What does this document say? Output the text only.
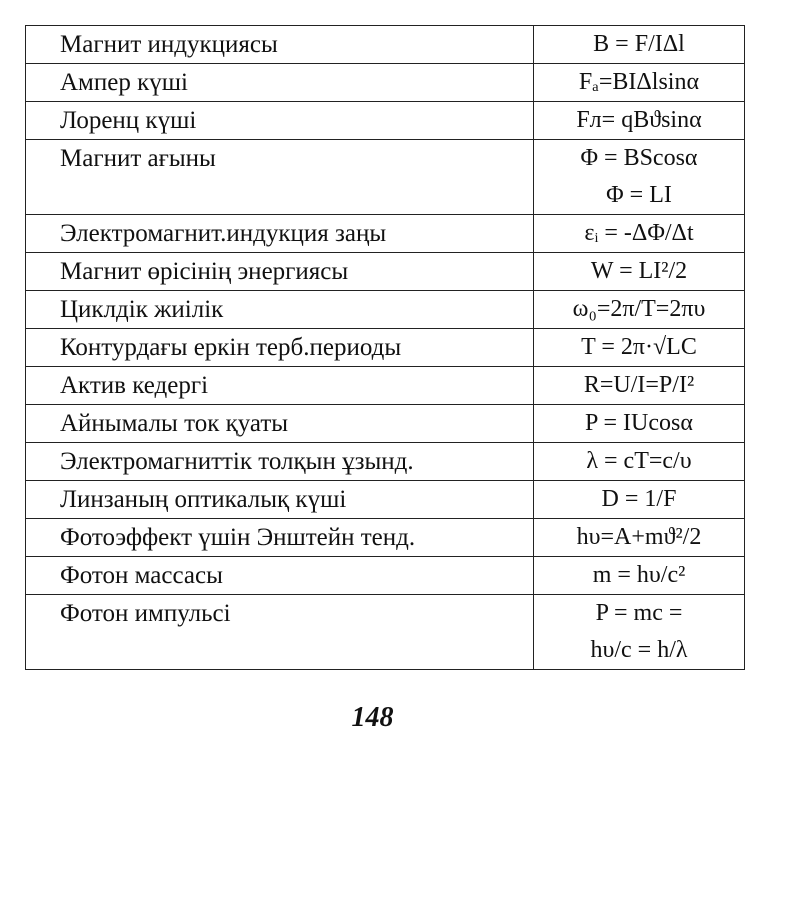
Магнит индукциясы	B = F/IΔl

Ампер күші	Fₐ=BIΔlsinα

Лоренц күші	Fл= qBϑsinα

Магнит ағыны	Φ = BScosα
Φ = LI

Электромагнит.индукция заңы	εᵢ = -ΔΦ/Δt

Магнит өрісінің энергиясы	W = LI²/2

Циклдік жиілік	ω₀=2π/T=2πυ

Контурдағы еркін терб.периоды	T = 2π·√LC

Актив кедергі	R=U/I=P/I²

Айнымалы ток қуаты	P = IUcosα

Электромагниттік толқын ұзынд.	λ = cT=c/υ

Линзаның оптикалық күші	D = 1/F

Фотоэффект үшін Энштейн тенд.	hυ=A+mϑ²/2

Фотон массасы	m = hυ/c²

Фотон импульсі	P = mc =
hυ/c = h/λ
148
